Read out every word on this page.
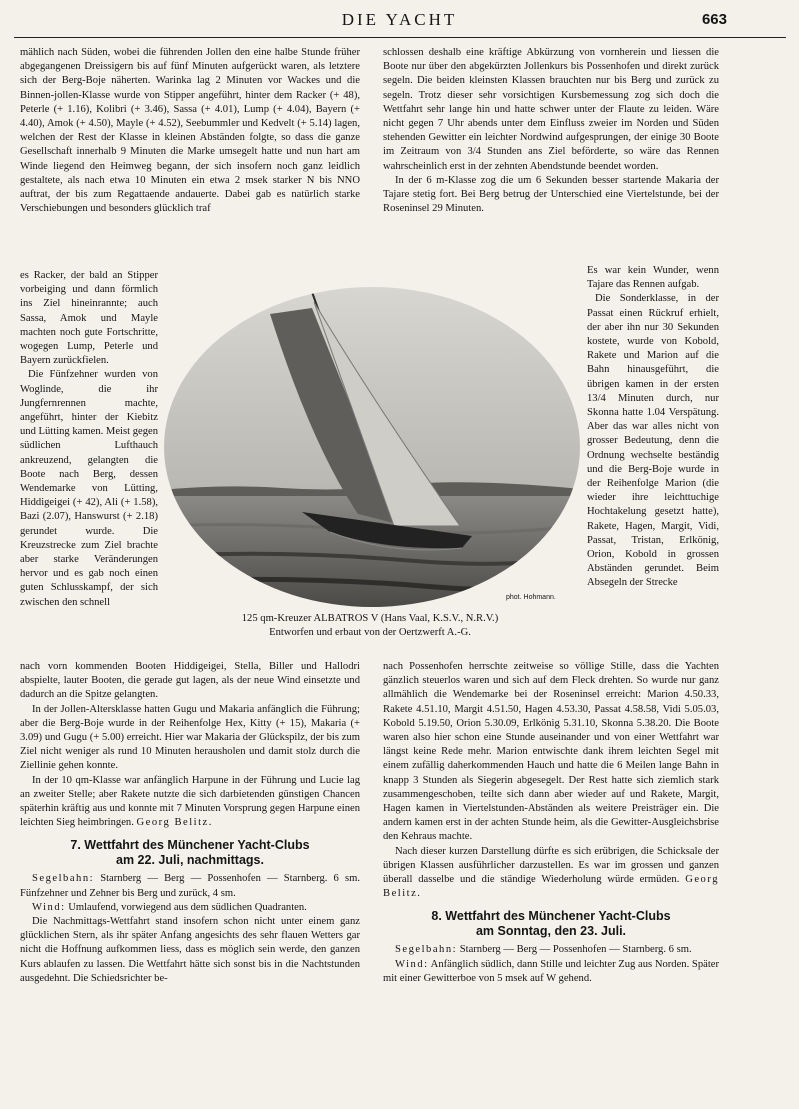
DIE YACHT	663

mählich nach Süden, wobei die führenden Jollen den eine halbe Stunde früher abgegangenen Dreissigern bis auf fünf Minuten aufgerückt waren, als letztere sich der Berg-Boje näherten. Warinka lag 2 Minuten vor Wackes und die Binnen-jollen-Klasse wurde von Stipper angeführt, hinter dem Racker (+ 48), Peterle (+ 1.16), Kolibri (+ 3.46), Sassa (+ 4.01), Lump (+ 4.04), Bayern (+ 4.40), Amok (+ 4.50), Mayle (+ 4.52), Seebummler und Kedvelt (+ 5.14) lagen, welchen der Rest der Klasse in kleinen Abständen folgte, so dass die ganze Gesellschaft innerhalb 9 Minuten die Marke umsegelt hatte und nun hart am Winde liegend den Heimweg begann, der sich insofern noch ganz leidlich gestaltete, als nach etwa 10 Minuten ein etwa 2 msek starker N bis NNO auftrat, der bis zum Regattaende andauerte. Dabei gab es natürlich starke Verschiebungen und besonders glücklich traf

es Racker, der bald an Stipper vorbeiging und dann förmlich ins Ziel hineinrannte; auch Sassa, Amok und Mayle machten noch gute Fortschritte, wogegen Lump, Peterle und Bayern zurückfielen.

Die Fünfzehner wurden von Woglinde, die ihr Jungfernrennen machte, angeführt, hinter der Kiebitz und Lütting kamen. Meist gegen südlichen Lufthauch ankreuzend, gelangten die Boote nach Berg, dessen Wendemarke von Lütting, Hiddigeigei (+ 42), Ali (+ 1.58), Bazi (2.07), Hanswurst (+ 2.18) gerundet wurde. Die Kreuzstrecke zum Ziel brachte aber starke Veränderungen hervor und es gab noch einen guten Schlusskampf, der sich zwischen den schnell

schlossen deshalb eine kräftige Abkürzung von vornherein und liessen die Boote nur über den abgekürzten Jollenkurs bis Possenhofen und direkt zurück segeln. Die beiden kleinsten Klassen brauchten nur bis Berg und zurück zu segeln. Trotz dieser sehr vorsichtigen Kursbemessung zog sich doch die Wettfahrt sehr lange hin und hatte schwer unter der Flaute zu leiden. Wäre nicht gegen 7 Uhr abends unter dem Einfluss zweier im Norden und Süden stehenden Gewitter ein leichter Nordwind aufgesprungen, der einige 30 Boote im Zeitraum von 3/4 Stunden ans Ziel beförderte, so wäre das Rennen wahrscheinlich erst in der zehnten Abendstunde beendet worden.

In der 6 m-Klasse zog die um 6 Sekunden besser startende Makaria der Tajare stetig fort. Bei Berg betrug der Unterschied eine Viertelstunde, bei der Roseninsel 29 Minuten.

Es war kein Wunder, wenn Tajare das Rennen aufgab.

Die Sonderklasse, in der Passat einen Rückruf erhielt, der aber ihn nur 30 Sekunden kostete, wurde von Kobold, Rakete und Marion auf die Bahn hinausgeführt, die übrigen kamen in der ersten 13/4 Minuten durch, nur Skonna hatte 1.04 Verspätung. Aber das war alles nicht von grosser Bedeutung, denn die Ordnung wechselte beständig und die Berg-Boje wurde in der Reihenfolge Marion (die wieder ihre leichttuchige Hochtakelung gesetzt hatte), Rakete, Hagen, Margit, Vidi, Passat, Tristan, Erlkönig, Orion, Kobold in grossen Abständen gerundet. Beim Absegeln der Strecke

phot. Hohmann.
125 qm-Kreuzer ALBATROS V (Hans Vaal, K.S.V., N.R.V.)
Entworfen und erbaut von der Oertzwerft A.-G.

nach vorn kommenden Booten Hiddigeigei, Stella, Biller und Hallodri abspielte, lauter Booten, die gerade gut lagen, als der neue Wind einsetzte und dadurch an die Spitze gelangten.

In der Jollen-Altersklasse hatten Gugu und Makaria anfänglich die Führung; aber die Berg-Boje wurde in der Reihenfolge Hex, Kitty (+ 15), Makaria (+ 3.09) und Gugu (+ 5.00) erreicht. Hier war Makaria der Glückspilz, der bis zum Ziel nicht weniger als rund 10 Minuten herausholen und damit stolz durch die Ziellinie gehen konnte.

In der 10 qm-Klasse war anfänglich Harpune in der Führung und Lucie lag an zweiter Stelle; aber Rakete nutzte die sich darbietenden günstigen Chancen späterhin kräftig aus und konnte mit 7 Minuten Vorsprung gegen Harpune einen leichten Sieg heimbringen. Georg Belitz.

7. Wettfahrt des Münchener Yacht-Clubs
am 22. Juli, nachmittags.

Segelbahn: Starnberg — Berg — Possenhofen — Starnberg. 6 sm. Fünfzehner und Zehner bis Berg und zurück, 4 sm.

Wind: Umlaufend, vorwiegend aus dem südlichen Quadranten.

Die Nachmittags-Wettfahrt stand insofern schon nicht unter einem ganz glücklichen Stern, als ihr später Anfang angesichts des sehr flauen Wetters gar nicht die Hoffnung aufkommen liess, dass es möglich sein werde, den ganzen Kurs ablaufen zu lassen. Die Wettfahrt hätte sich sonst bis in die Nachtstunden ausgedehnt. Die Schiedsrichter be-

nach Possenhofen herrschte zeitweise so völlige Stille, dass die Yachten gänzlich steuerlos waren und sich auf dem Fleck drehten. So wurde nur ganz allmählich die Wendemarke bei der Roseninsel erreicht: Marion 4.50.33, Rakete 4.51.10, Margit 4.51.50, Hagen 4.53.30, Passat 4.58.58, Vidi 5.05.03, Kobold 5.19.50, Orion 5.30.09, Erlkönig 5.31.10, Skonna 5.38.20. Die Boote waren also hier schon eine Stunde auseinander und von einer Wettfahrt war längst keine Rede mehr. Marion entwischte dank ihrem leichten Segel mit einem zufällig daherkommenden Hauch und hatte die 6 Meilen lange Bahn in knapp 3 Stunden als Siegerin abgesegelt. Der Rest hatte sich ziemlich stark zusammengeschoben, teilte sich dann aber wieder auf und Rakete, Margit, Hagen kamen in Viertelstunden-Abständen als weitere Preisträger ein. Die andern kamen erst in der achten Stunde heim, als die Gewitter-Ausgleichsbrise den Kehraus machte.

Nach dieser kurzen Darstellung dürfte es sich erübrigen, die Schicksale der übrigen Klassen ausführlicher darzustellen. Es war im grossen und ganzen überall dasselbe und die ständige Wiederholung würde ermüden. Georg Belitz.

8. Wettfahrt des Münchener Yacht-Clubs
am Sonntag, den 23. Juli.

Segelbahn: Starnberg — Berg — Possenhofen — Starnberg. 6 sm.

Wind: Anfänglich südlich, dann Stille und leichter Zug aus Norden. Später mit einer Gewitterboe von 5 msek auf W gehend.
